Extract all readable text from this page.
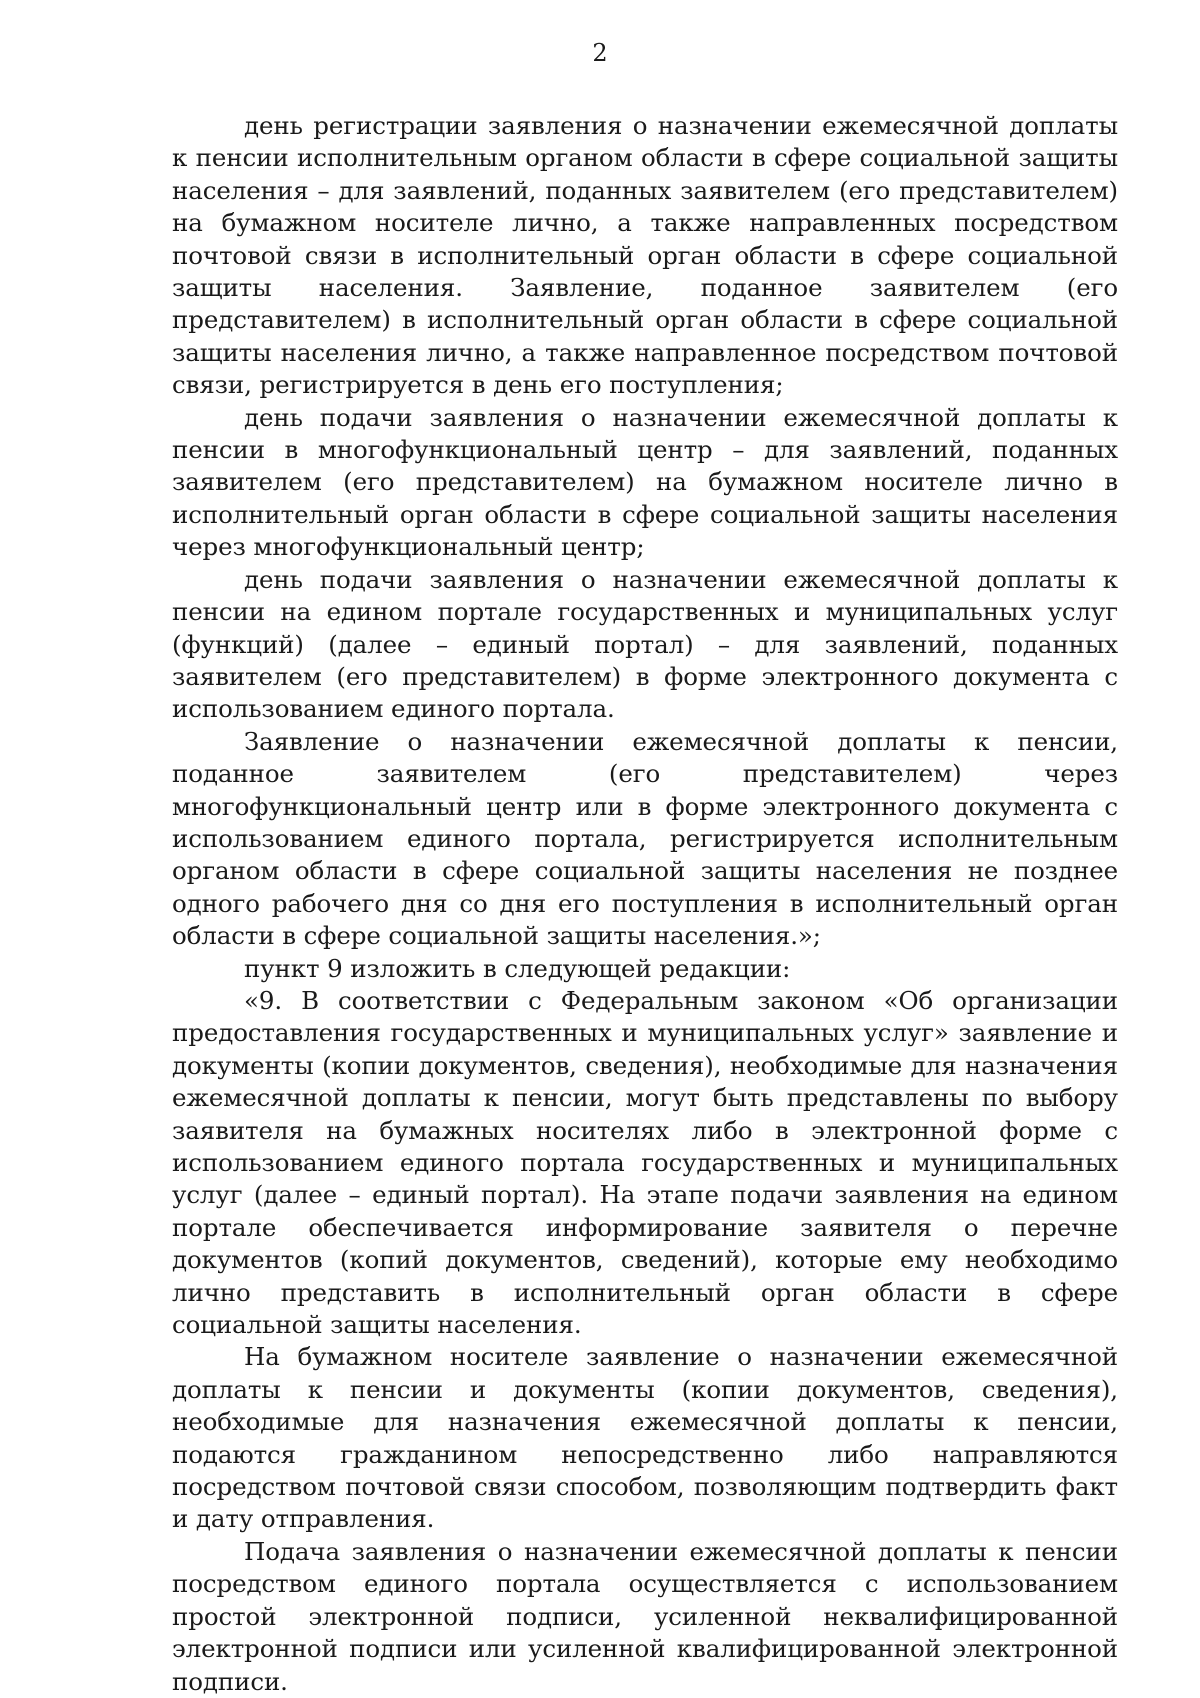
2

день регистрации заявления о назначении ежемесячной доплаты к пенсии исполнительным органом области в сфере социальной защиты населения – для заявлений, поданных заявителем (его представителем) на бумажном носителе лично, а также направленных посредством почтовой связи в исполнительный орган области в сфере социальной защиты населения. Заявление, поданное заявителем (его представителем) в исполнительный орган области в сфере социальной защиты населения лично, а также направленное посредством почтовой связи, регистрируется в день его поступления;

день подачи заявления о назначении ежемесячной доплаты к пенсии в многофункциональный центр – для заявлений, поданных заявителем (его представителем) на бумажном носителе лично в исполнительный орган области в сфере социальной защиты населения через многофункциональный центр;

день подачи заявления о назначении ежемесячной доплаты к пенсии на едином портале государственных и муниципальных услуг (функций) (далее – единый портал) – для заявлений, поданных заявителем (его представителем) в форме электронного документа с использованием единого портала.

Заявление о назначении ежемесячной доплаты к пенсии, поданное заявителем (его представителем) через многофункциональный центр или в форме электронного документа с использованием единого портала, регистрируется исполнительным органом области в сфере социальной защиты населения не позднее одного рабочего дня со дня его поступления в исполнительный орган области в сфере социальной защиты населения.»;

пункт 9 изложить в следующей редакции:

«9. В соответствии с Федеральным законом «Об организации предоставления государственных и муниципальных услуг» заявление и документы (копии документов, сведения), необходимые для назначения ежемесячной доплаты к пенсии, могут быть представлены по выбору заявителя на бумажных носителях либо в электронной форме с использованием единого портала государственных и муниципальных услуг (далее – единый портал). На этапе подачи заявления на едином портале обеспечивается информирование заявителя о перечне документов (копий документов, сведений), которые ему необходимо лично представить в исполнительный орган области в сфере социальной защиты населения.

На бумажном носителе заявление о назначении ежемесячной доплаты к пенсии и документы (копии документов, сведения), необходимые для назначения ежемесячной доплаты к пенсии, подаются гражданином непосредственно либо направляются посредством почтовой связи способом, позволяющим подтвердить факт и дату отправления.

Подача заявления о назначении ежемесячной доплаты к пенсии посредством единого портала осуществляется с использованием простой электронной подписи, усиленной неквалифицированной электронной подписи или усиленной квалифицированной электронной подписи.
